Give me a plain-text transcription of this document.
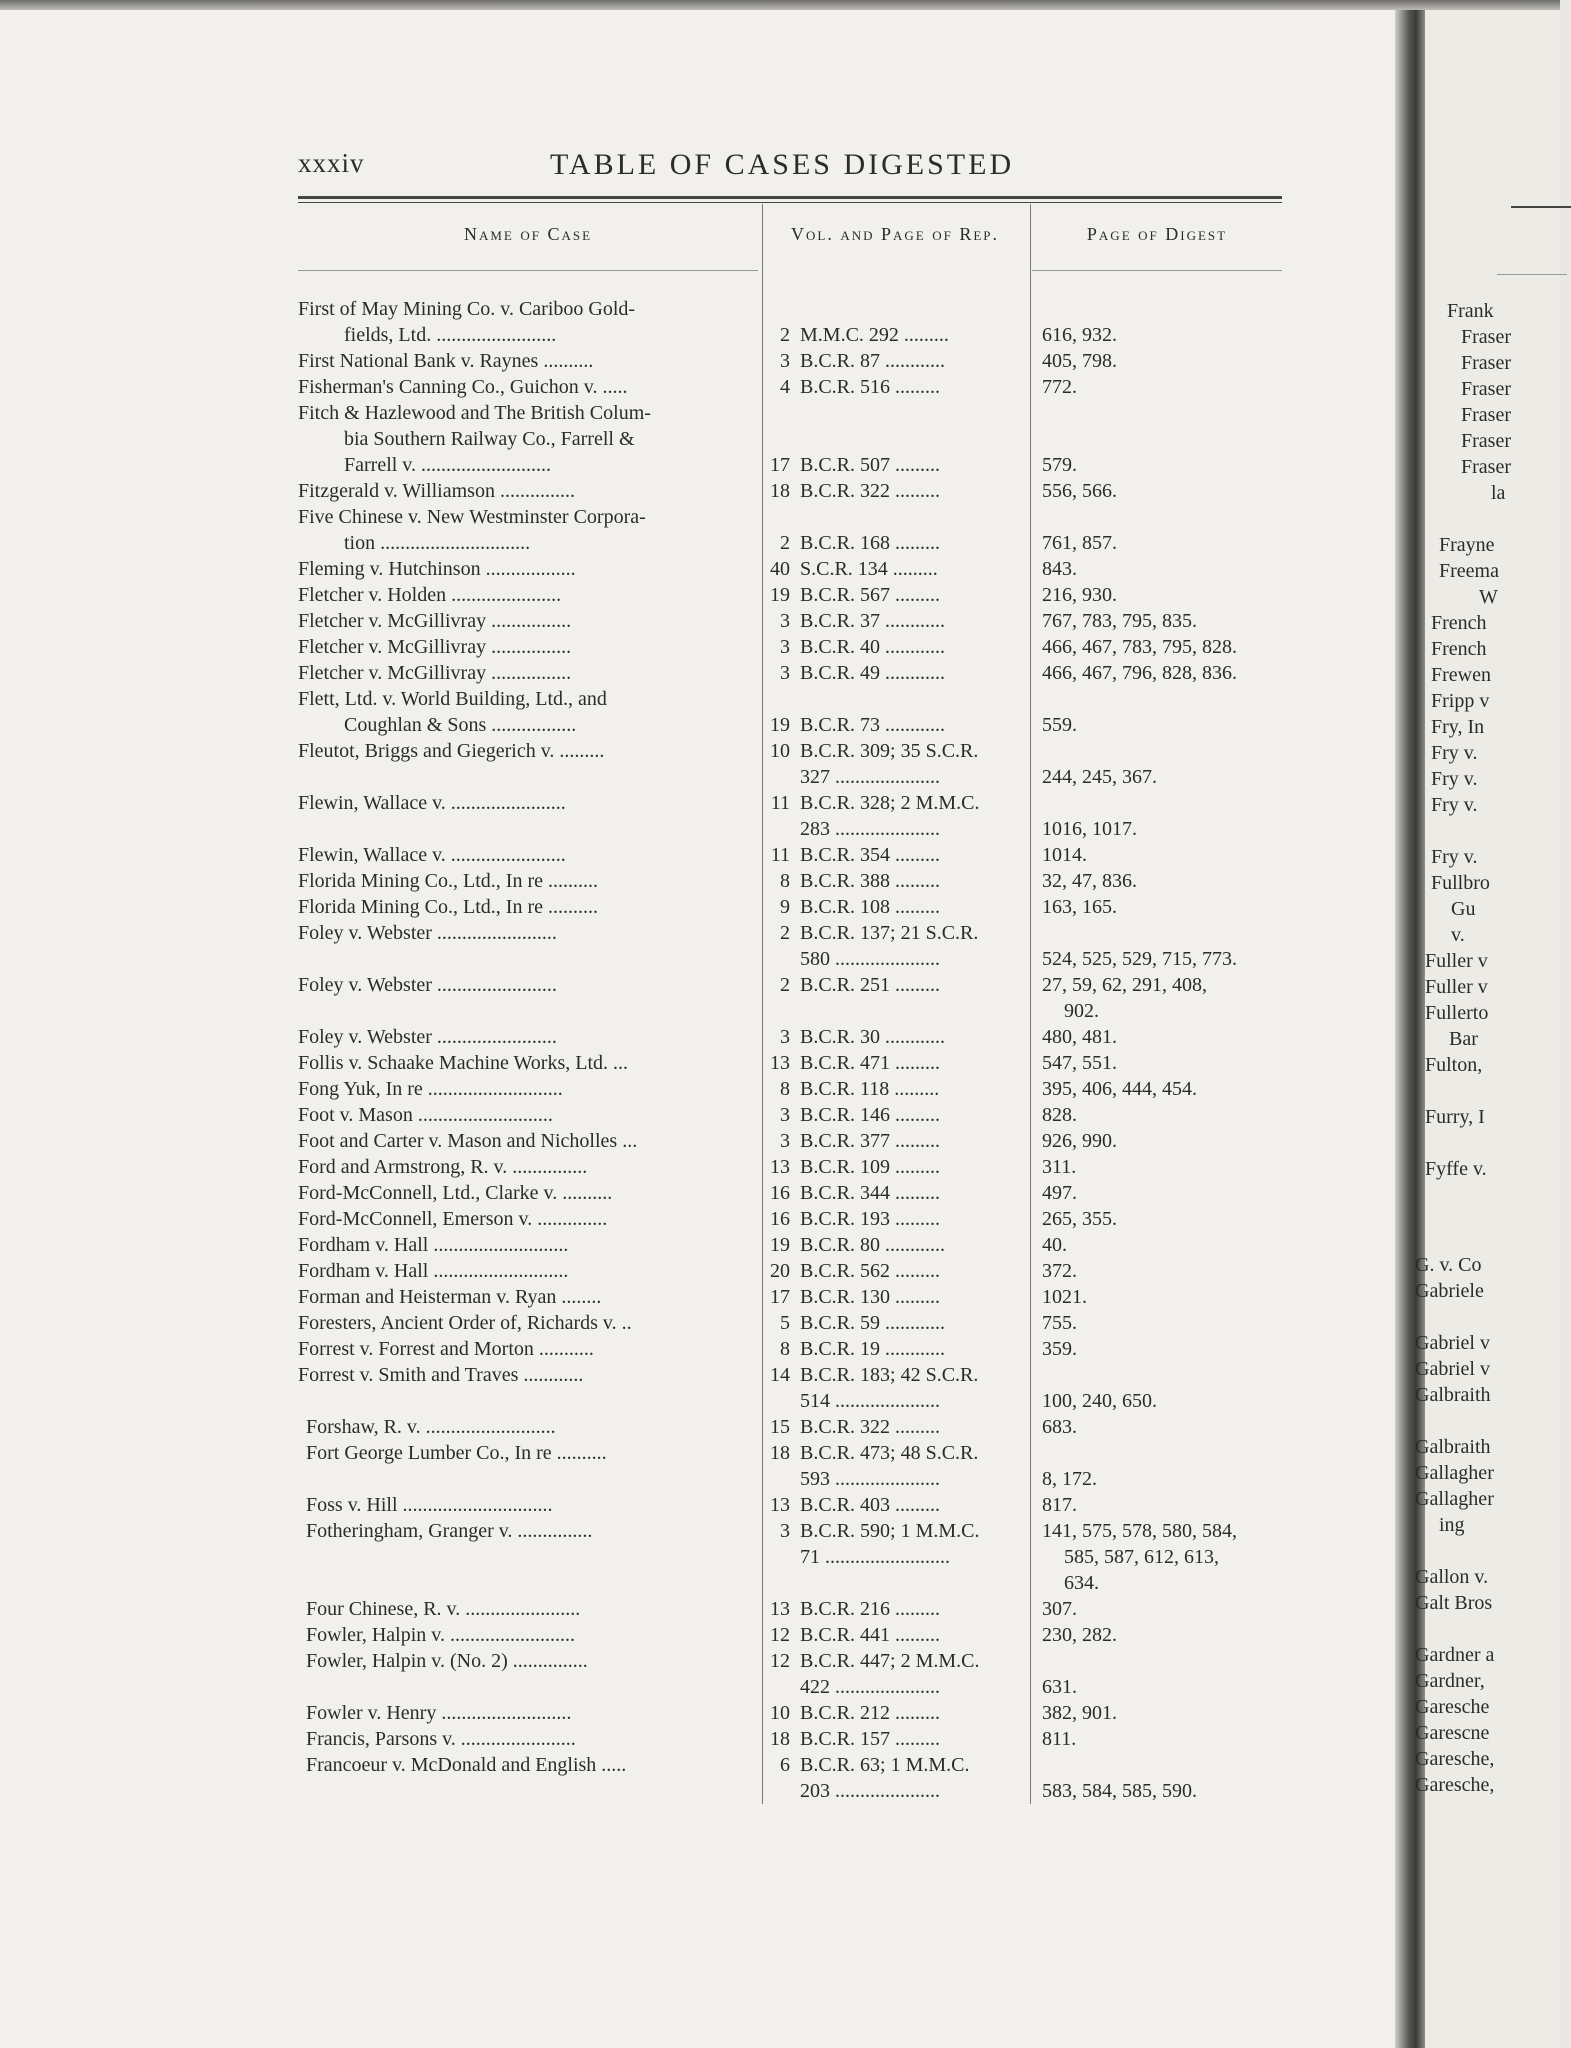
xxxiv	TABLE OF CASES DIGESTED
Name of Case	Vol. and Page of Rep.	Page of Digest
First of May Mining Co. v. Cariboo Gold-
fields, Ltd. ........................	2 M.M.C. 292 .........	616, 932.
First National Bank v. Raynes ..........	3 B.C.R. 87 ............	405, 798.
Fisherman's Canning Co., Guichon v. .....	4 B.C.R. 516 .........	772.
Fitch & Hazlewood and The British Colum-
bia Southern Railway Co., Farrell &
Farrell v. ..........................	17 B.C.R. 507 .........	579.
Fitzgerald v. Williamson ...............	18 B.C.R. 322 .........	556, 566.
Five Chinese v. New Westminster Corpora-
tion ..............................	2 B.C.R. 168 .........	761, 857.
Fleming v. Hutchinson ..................	40 S.C.R. 134 .........	843.
Fletcher v. Holden ......................	19 B.C.R. 567 .........	216, 930.
Fletcher v. McGillivray ................	3 B.C.R. 37 ............	767, 783, 795, 835.
Fletcher v. McGillivray ................	3 B.C.R. 40 ............	466, 467, 783, 795, 828.
Fletcher v. McGillivray ................	3 B.C.R. 49 ............	466, 467, 796, 828, 836.
Flett, Ltd. v. World Building, Ltd., and
Coughlan & Sons .................	19 B.C.R. 73 ............	559.
Fleutot, Briggs and Giegerich v. .........	10 B.C.R. 309; 35 S.C.R.
327 .....................	244, 245, 367.
Flewin, Wallace v. .......................	11 B.C.R. 328; 2 M.M.C.
283 .....................	1016, 1017.
Flewin, Wallace v. .......................	11 B.C.R. 354 .........	1014.
Florida Mining Co., Ltd., In re ..........	8 B.C.R. 388 .........	32, 47, 836.
Florida Mining Co., Ltd., In re ..........	9 B.C.R. 108 .........	163, 165.
Foley v. Webster ........................	2 B.C.R. 137; 21 S.C.R.
580 .....................	524, 525, 529, 715, 773.
Foley v. Webster ........................	2 B.C.R. 251 .........	27, 59, 62, 291, 408,
902.
Foley v. Webster ........................	3 B.C.R. 30 ............	480, 481.
Follis v. Schaake Machine Works, Ltd. ...	13 B.C.R. 471 .........	547, 551.
Fong Yuk, In re ...........................	8 B.C.R. 118 .........	395, 406, 444, 454.
Foot v. Mason ...........................	3 B.C.R. 146 .........	828.
Foot and Carter v. Mason and Nicholles ...	3 B.C.R. 377 .........	926, 990.
Ford and Armstrong, R. v. ...............	13 B.C.R. 109 .........	311.
Ford-McConnell, Ltd., Clarke v. ..........	16 B.C.R. 344 .........	497.
Ford-McConnell, Emerson v. ..............	16 B.C.R. 193 .........	265, 355.
Fordham v. Hall ...........................	19 B.C.R. 80 ............	40.
Fordham v. Hall ...........................	20 B.C.R. 562 .........	372.
Forman and Heisterman v. Ryan ........	17 B.C.R. 130 .........	1021.
Foresters, Ancient Order of, Richards v. ..	5 B.C.R. 59 ............	755.
Forrest v. Forrest and Morton ...........	8 B.C.R. 19 ............	359.
Forrest v. Smith and Traves ............	14 B.C.R. 183; 42 S.C.R.
514 .....................	100, 240, 650.
Forshaw, R. v. ..........................	15 B.C.R. 322 .........	683.
Fort George Lumber Co., In re ..........	18 B.C.R. 473; 48 S.C.R.
593 .....................	8, 172.
Foss v. Hill ..............................	13 B.C.R. 403 .........	817.
Fotheringham, Granger v. ...............	3 B.C.R. 590; 1 M.M.C.	141, 575, 578, 580, 584,
71 .........................	585, 587, 612, 613,
634.
Four Chinese, R. v. .......................	13 B.C.R. 216 .........	307.
Fowler, Halpin v. .........................	12 B.C.R. 441 .........	230, 282.
Fowler, Halpin v. (No. 2) ...............	12 B.C.R. 447; 2 M.M.C.
422 .....................	631.
Fowler v. Henry ..........................	10 B.C.R. 212 .........	382, 901.
Francis, Parsons v. .......................	18 B.C.R. 157 .........	811.
Francoeur v. McDonald and English .....	6 B.C.R. 63; 1 M.M.C.
203 .....................	583, 584, 585, 590.
Frank
Fraser
Fraser
Fraser
Fraser
Fraser
Fraser
la
Frayne
Freema
W
French
French
Frewen
Fripp v
Fry, In
Fry v.
Fry v.
Fry v.
Fry v.
Fullbro
Gu
v.
Fuller v
Fuller v
Fullerto
Bar
Fulton,
Furry, I
Fyffe v.
G. v. Co
Gabriele
Gabriel v
Gabriel v
Galbraith
Galbraith
Gallagher
Gallagher
ing
Gallon v.
Galt Bros
Gardner a
Gardner,
Garesche
Garescne
Garesche,
Garesche,
